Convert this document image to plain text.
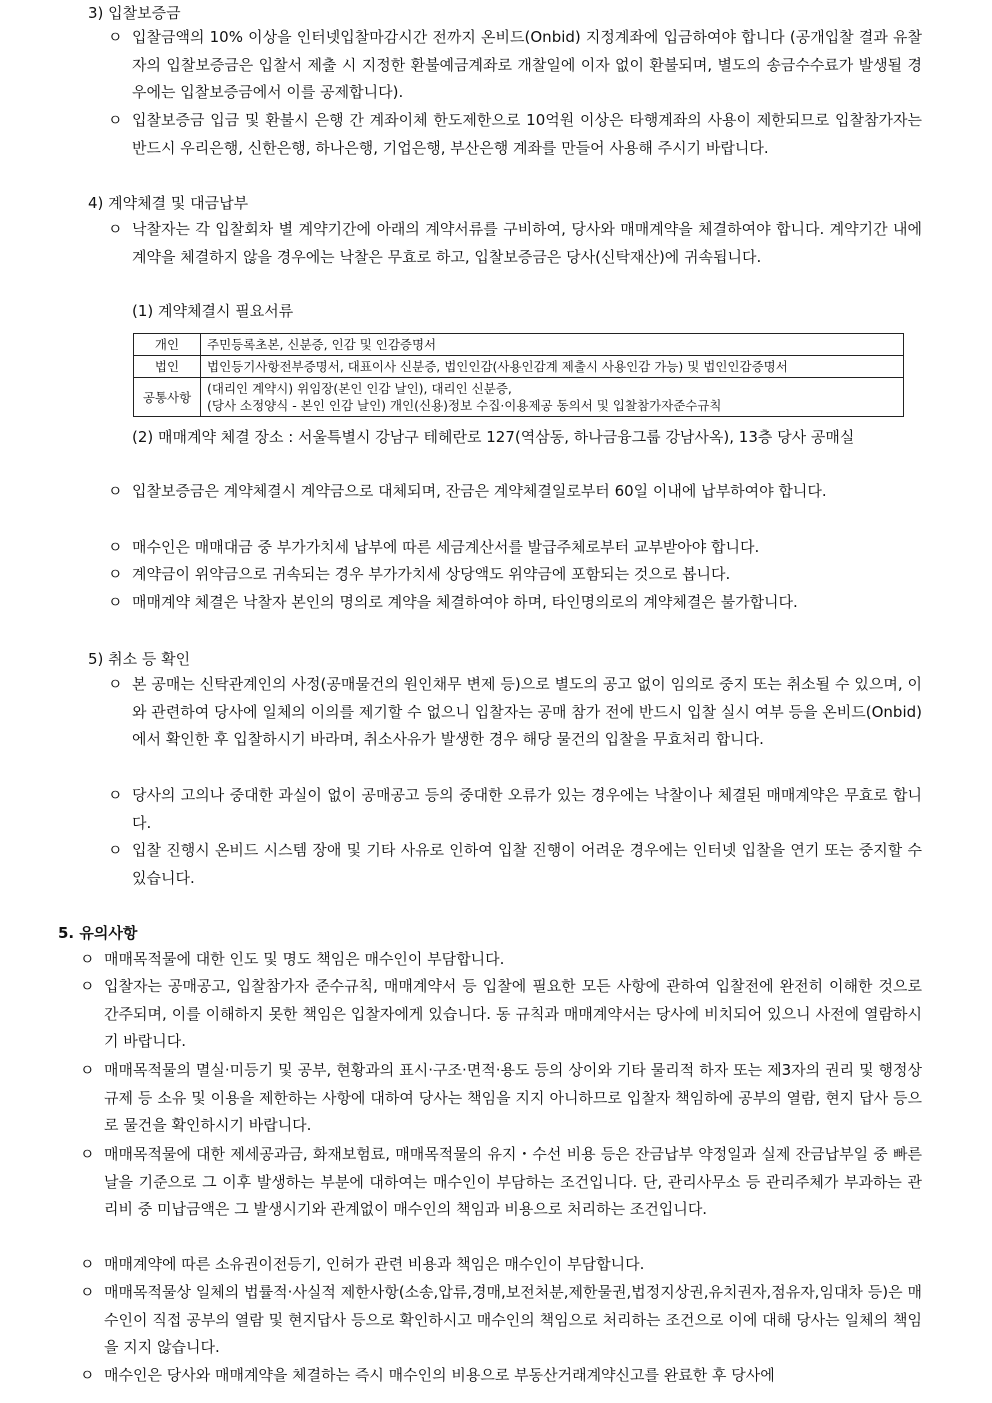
3) 입찰보증금
ㅇ 입찰금액의 10% 이상을 인터넷입찰마감시간 전까지 온비드(Onbid) 지정계좌에 입금하여야 합니다 (공개입찰 결과 유찰자의 입찰보증금은 입찰서 제출 시 지정한 환불예금계좌로 개찰일에 이자 없이 환불되며, 별도의 송금수수료가 발생될 경우에는 입찰보증금에서 이를 공제합니다).
ㅇ 입찰보증금 입금 및 환불시 은행 간 계좌이체 한도제한으로 10억원 이상은 타행계좌의 사용이 제한되므로 입찰참가자는 반드시 우리은행, 신한은행, 하나은행, 기업은행, 부산은행 계좌를 만들어 사용해 주시기 바랍니다.
4) 계약체결 및 대금납부
ㅇ 낙찰자는 각 입찰회차 별 계약기간에 아래의 계약서류를 구비하여, 당사와 매매계약을 체결하여야 합니다. 계약기간 내에 계약을 체결하지 않을 경우에는 낙찰은 무효로 하고, 입찰보증금은 당사(신탁재산)에 귀속됩니다.
(1) 계약체결시 필요서류
개인	주민등록초본, 신분증, 인감 및 인감증명서
법인	법인등기사항전부증명서, 대표이사 신분증, 법인인감(사용인감계 제출시 사용인감 가능) 및 법인인감증명서
공통사항	(대리인 계약시) 위임장(본인 인감 날인), 대리인 신분증,
(당사 소정양식 - 본인 인감 날인) 개인(신용)정보 수집·이용제공 동의서 및 입찰참가자준수규칙
(2) 매매계약 체결 장소 : 서울특별시 강남구 테헤란로 127(역삼동, 하나금융그룹 강남사옥), 13층 당사 공매실
ㅇ 입찰보증금은 계약체결시 계약금으로 대체되며, 잔금은 계약체결일로부터 60일 이내에 납부하여야 합니다.
ㅇ 매수인은 매매대금 중 부가가치세 납부에 따른 세금계산서를 발급주체로부터 교부받아야 합니다.
ㅇ 계약금이 위약금으로 귀속되는 경우 부가가치세 상당액도 위약금에 포함되는 것으로 봅니다.
ㅇ 매매계약 체결은 낙찰자 본인의 명의로 계약을 체결하여야 하며, 타인명의로의 계약체결은 불가합니다.
5) 취소 등 확인
ㅇ 본 공매는 신탁관계인의 사정(공매물건의 원인채무 변제 등)으로 별도의 공고 없이 임의로 중지 또는 취소될 수 있으며, 이와 관련하여 당사에 일체의 이의를 제기할 수 없으니 입찰자는 공매 참가 전에 반드시 입찰 실시 여부 등을 온비드(Onbid)에서 확인한 후 입찰하시기 바라며, 취소사유가 발생한 경우 해당 물건의 입찰을 무효처리 합니다.
ㅇ 당사의 고의나 중대한 과실이 없이 공매공고 등의 중대한 오류가 있는 경우에는 낙찰이나 체결된 매매계약은 무효로 합니다.
ㅇ 입찰 진행시 온비드 시스템 장애 및 기타 사유로 인하여 입찰 진행이 어려운 경우에는 인터넷 입찰을 연기 또는 중지할 수 있습니다.
5. 유의사항
ㅇ 매매목적물에 대한 인도 및 명도 책임은 매수인이 부담합니다.
ㅇ 입찰자는 공매공고, 입찰참가자 준수규칙, 매매계약서 등 입찰에 필요한 모든 사항에 관하여 입찰전에 완전히 이해한 것으로 간주되며, 이를 이해하지 못한 책임은 입찰자에게 있습니다. 동 규칙과 매매계약서는 당사에 비치되어 있으니 사전에 열람하시기 바랍니다.
ㅇ 매매목적물의 멸실·미등기 및 공부, 현황과의 표시·구조·면적·용도 등의 상이와 기타 물리적 하자 또는 제3자의 권리 및 행정상 규제 등 소유 및 이용을 제한하는 사항에 대하여 당사는 책임을 지지 아니하므로 입찰자 책임하에 공부의 열람, 현지 답사 등으로 물건을 확인하시기 바랍니다.
ㅇ 매매목적물에 대한 제세공과금, 화재보험료, 매매목적물의 유지・수선 비용 등은 잔금납부 약정일과 실제 잔금납부일 중 빠른 날을 기준으로 그 이후 발생하는 부분에 대하여는 매수인이 부담하는 조건입니다. 단, 관리사무소 등 관리주체가 부과하는 관리비 중 미납금액은 그 발생시기와 관계없이 매수인의 책임과 비용으로 처리하는 조건입니다.
ㅇ 매매계약에 따른 소유권이전등기, 인허가 관련 비용과 책임은 매수인이 부담합니다.
ㅇ 매매목적물상 일체의 법률적·사실적 제한사항(소송,압류,경매,보전처분,제한물권,법정지상권,유치권자,점유자,임대차 등)은 매수인이 직접 공부의 열람 및 현지답사 등으로 확인하시고 매수인의 책임으로 처리하는 조건으로 이에 대해 당사는 일체의 책임을 지지 않습니다.
ㅇ 매수인은 당사와 매매계약을 체결하는 즉시 매수인의 비용으로 부동산거래계약신고를 완료한 후 당사에
